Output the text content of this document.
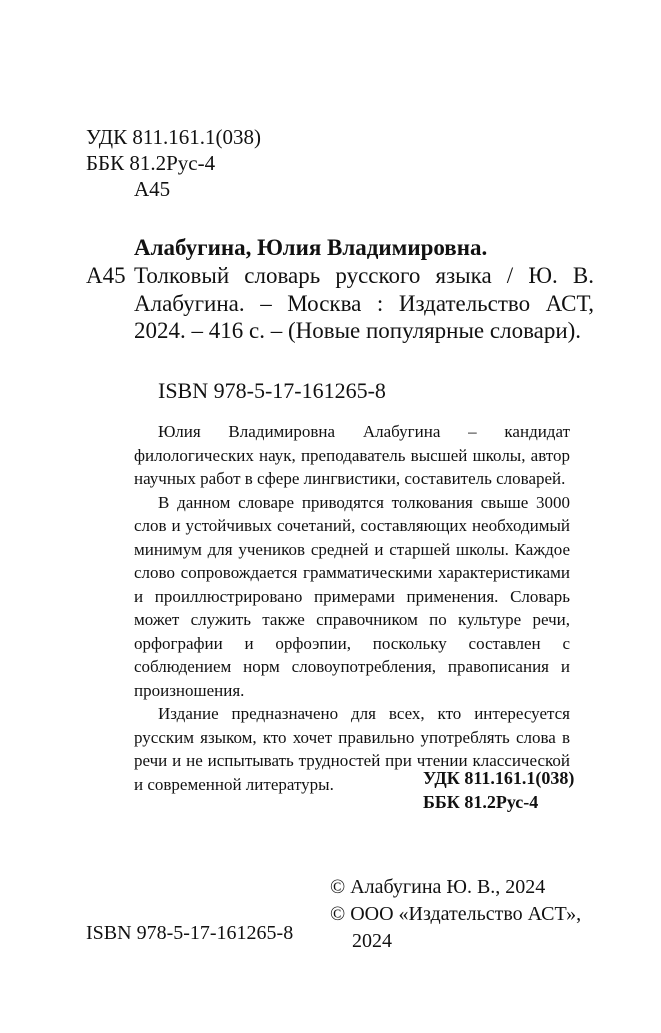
УДК 811.161.1(038)
ББК 81.2Рус-4
А45
Алабугина, Юлия Владимировна.
А45 Толковый словарь русского языка / Ю. В. Алабугина. – Москва : Издательство АСТ, 2024. – 416 с. – (Новые популярные словари).
ISBN 978-5-17-161265-8

Юлия Владимировна Алабугина – кандидат филологических наук, преподаватель высшей школы, автор научных работ в сфере лингвистики, составитель словарей.

В данном словаре приводятся толкования свыше 3000 слов и устойчивых сочетаний, составляющих необходимый минимум для учеников средней и старшей школы. Каждое слово сопровождается грамматическими характеристиками и проиллюстрировано примерами применения. Словарь может служить также справочником по культуре речи, орфографии и орфоэпии, поскольку составлен с соблюдением норм словоупотребления, правописания и произношения.

Издание предназначено для всех, кто интересуется русским языком, кто хочет правильно употреблять слова в речи и не испытывать трудностей при чтении классической и современной литературы.	УДК 811.161.1(038)
ББК 81.2Рус-4
© Алабугина Ю. В., 2024
© ООО «Издательство АСТ»,
2024
ISBN 978-5-17-161265-8
